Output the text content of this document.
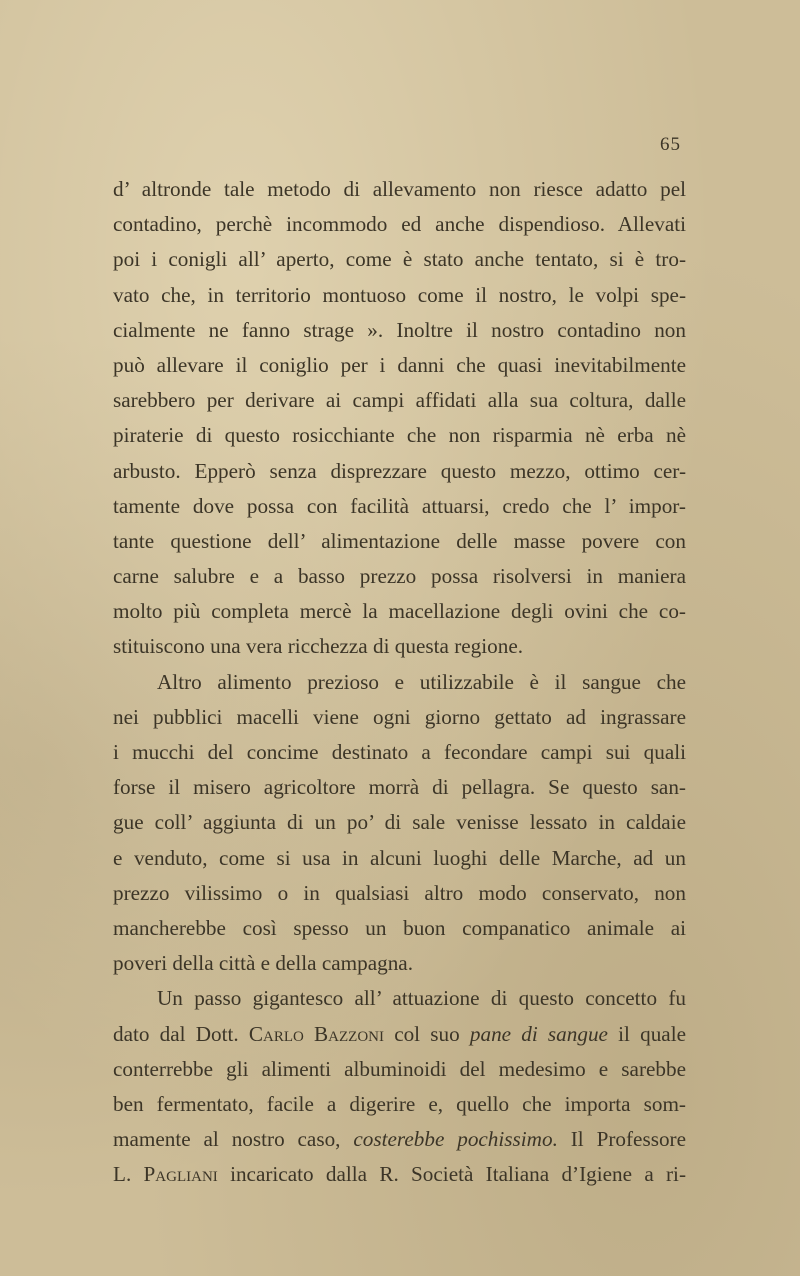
65
d’ altronde tale metodo di allevamento non riesce adatto pel
contadino, perchè incommodo ed anche dispendioso. Allevati
poi i conigli all’ aperto, come è stato anche tentato, si è tro-
vato che, in territorio montuoso come il nostro, le volpi spe-
cialmente ne fanno strage ». Inoltre il nostro contadino non
può allevare il coniglio per i danni che quasi inevitabilmente
sarebbero per derivare ai campi affidati alla sua coltura, dalle
piraterie di questo rosicchiante che non risparmia nè erba nè
arbusto. Epperò senza disprezzare questo mezzo, ottimo cer-
tamente dove possa con facilità attuarsi, credo che l’ impor-
tante questione dell’ alimentazione delle masse povere con
carne salubre e a basso prezzo possa risolversi in maniera
molto più completa mercè la macellazione degli ovini che co-
stituiscono una vera ricchezza di questa regione.
Altro alimento prezioso e utilizzabile è il sangue che
nei pubblici macelli viene ogni giorno gettato ad ingrassare
i mucchi del concime destinato a fecondare campi sui quali
forse il misero agricoltore morrà di pellagra. Se questo san-
gue coll’ aggiunta di un po’ di sale venisse lessato in caldaie
e venduto, come si usa in alcuni luoghi delle Marche, ad un
prezzo vilissimo o in qualsiasi altro modo conservato, non
mancherebbe così spesso un buon companatico animale ai
poveri della città e della campagna.
Un passo gigantesco all’ attuazione di questo concetto fu
dato dal Dott. Carlo Bazzoni col suo pane di sangue il quale
conterrebbe gli alimenti albuminoidi del medesimo e sarebbe
ben fermentato, facile a digerire e, quello che importa som-
mamente al nostro caso, costerebbe pochissimo. Il Professore
L. Pagliani incaricato dalla R. Società Italiana d’Igiene a ri-
